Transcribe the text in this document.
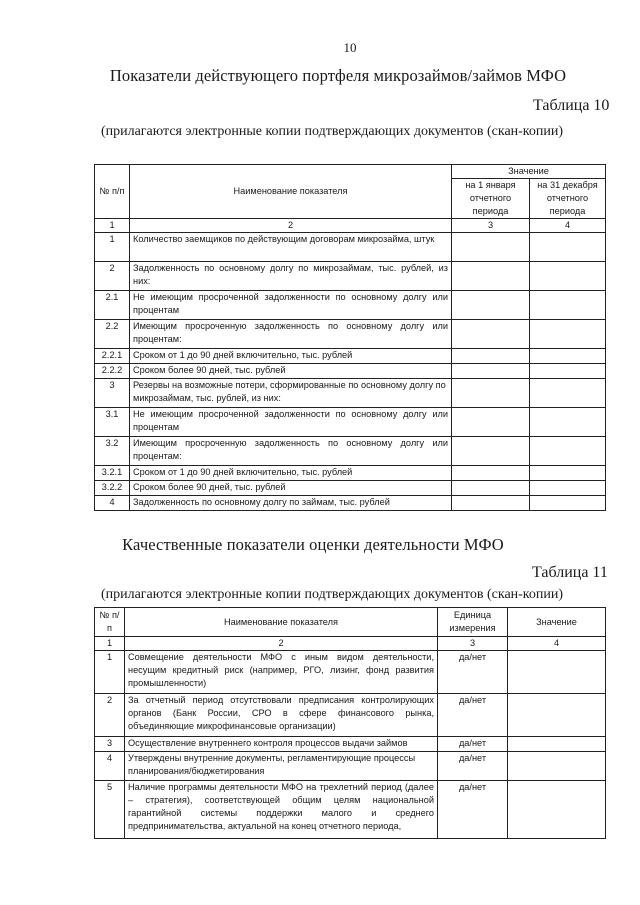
10
Показатели действующего портфеля микрозаймов/займов МФО
Таблица 10
(прилагаются электронные копии подтверждающих документов (скан-копии)
№ п/п	Наименование показателя	Значение	
		на 1 января отчетного периода	на 31 декабря отчетного периода
1	2	3	4
1	Количество заемщиков по действующим договорам микрозайма, штук		
2	Задолженность по основному долгу по микрозаймам, тыс. рублей, из них:		
2.1	Не имеющим просроченной задолженности по основному долгу или процентам		
2.2	Имеющим просроченную задолженность по основному долгу или процентам:		
2.2.1	Сроком от 1 до 90 дней включительно, тыс. рублей		
2.2.2	Сроком более 90 дней, тыс. рублей		
3	Резервы на возможные потери, сформированные по основному долгу по микрозаймам, тыс. рублей, из них:		
3.1	Не имеющим просроченной задолженности по основному долгу или процентам		
3.2	Имеющим просроченную задолженность по основному долгу или процентам:		
3.2.1	Сроком от 1 до 90 дней включительно, тыс. рублей		
3.2.2	Сроком более 90 дней, тыс. рублей		
4	Задолженность по основному долгу по займам, тыс. рублей		
Качественные показатели оценки деятельности МФО
Таблица 11
(прилагаются электронные копии подтверждающих документов (скан-копии)
№ п/п	Наименование показателя	Единица измерения	Значение
1	2	3	4
1	Совмещение деятельности МФО с иным видом деятельности, несущим кредитный риск (например, РГО, лизинг, фонд развития промышленности)	да/нет	
2	За отчетный период отсутствовали предписания контролирующих органов (Банк России, СРО в сфере финансового рынка, объединяющие микрофинансовые организации)	да/нет	
3	Осуществление внутреннего контроля процессов выдачи займов	да/нет	
4	Утверждены внутренние документы, регламентирующие процессы планирования/бюджетирования	да/нет	
5	Наличие программы деятельности МФО на трехлетний период (далее – стратегия), соответствующей общим целям национальной гарантийной системы поддержки малого и среднего предпринимательства, актуальной на конец отчетного периода,	да/нет	
